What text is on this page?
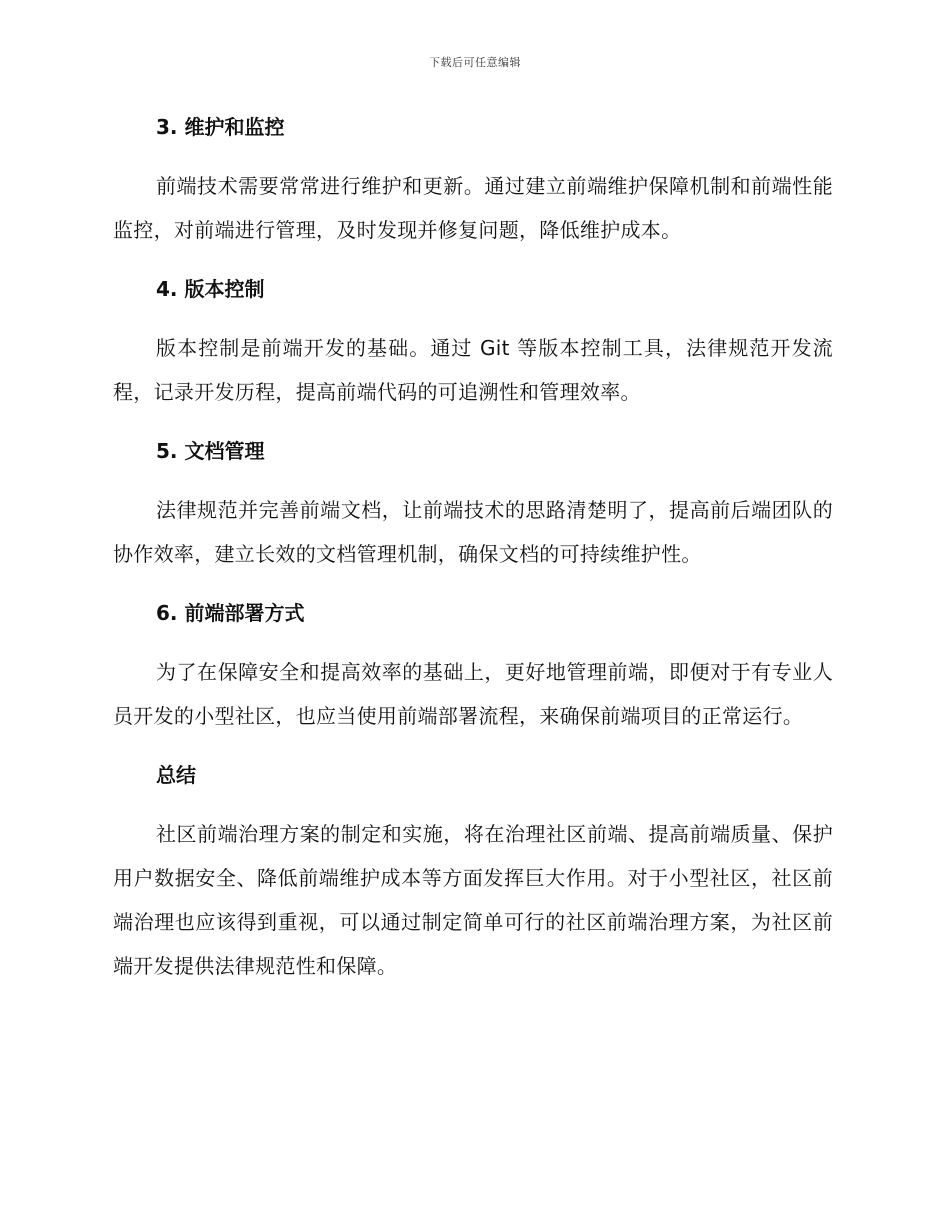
下载后可任意编辑
3. 维护和监控

前端技术需要常常进行维护和更新。通过建立前端维护保障机制和前端性能监控，对前端进行管理，及时发现并修复问题，降低维护成本。

4. 版本控制

版本控制是前端开发的基础。通过 Git 等版本控制工具，法律规范开发流程，记录开发历程，提高前端代码的可追溯性和管理效率。

5. 文档管理

法律规范并完善前端文档，让前端技术的思路清楚明了，提高前后端团队的协作效率，建立长效的文档管理机制，确保文档的可持续维护性。

6. 前端部署方式

为了在保障安全和提高效率的基础上，更好地管理前端，即便对于有专业人员开发的小型社区，也应当使用前端部署流程，来确保前端项目的正常运行。

总结

社区前端治理方案的制定和实施，将在治理社区前端、提高前端质量、保护用户数据安全、降低前端维护成本等方面发挥巨大作用。对于小型社区，社区前端治理也应该得到重视，可以通过制定简单可行的社区前端治理方案，为社区前端开发提供法律规范性和保障。
